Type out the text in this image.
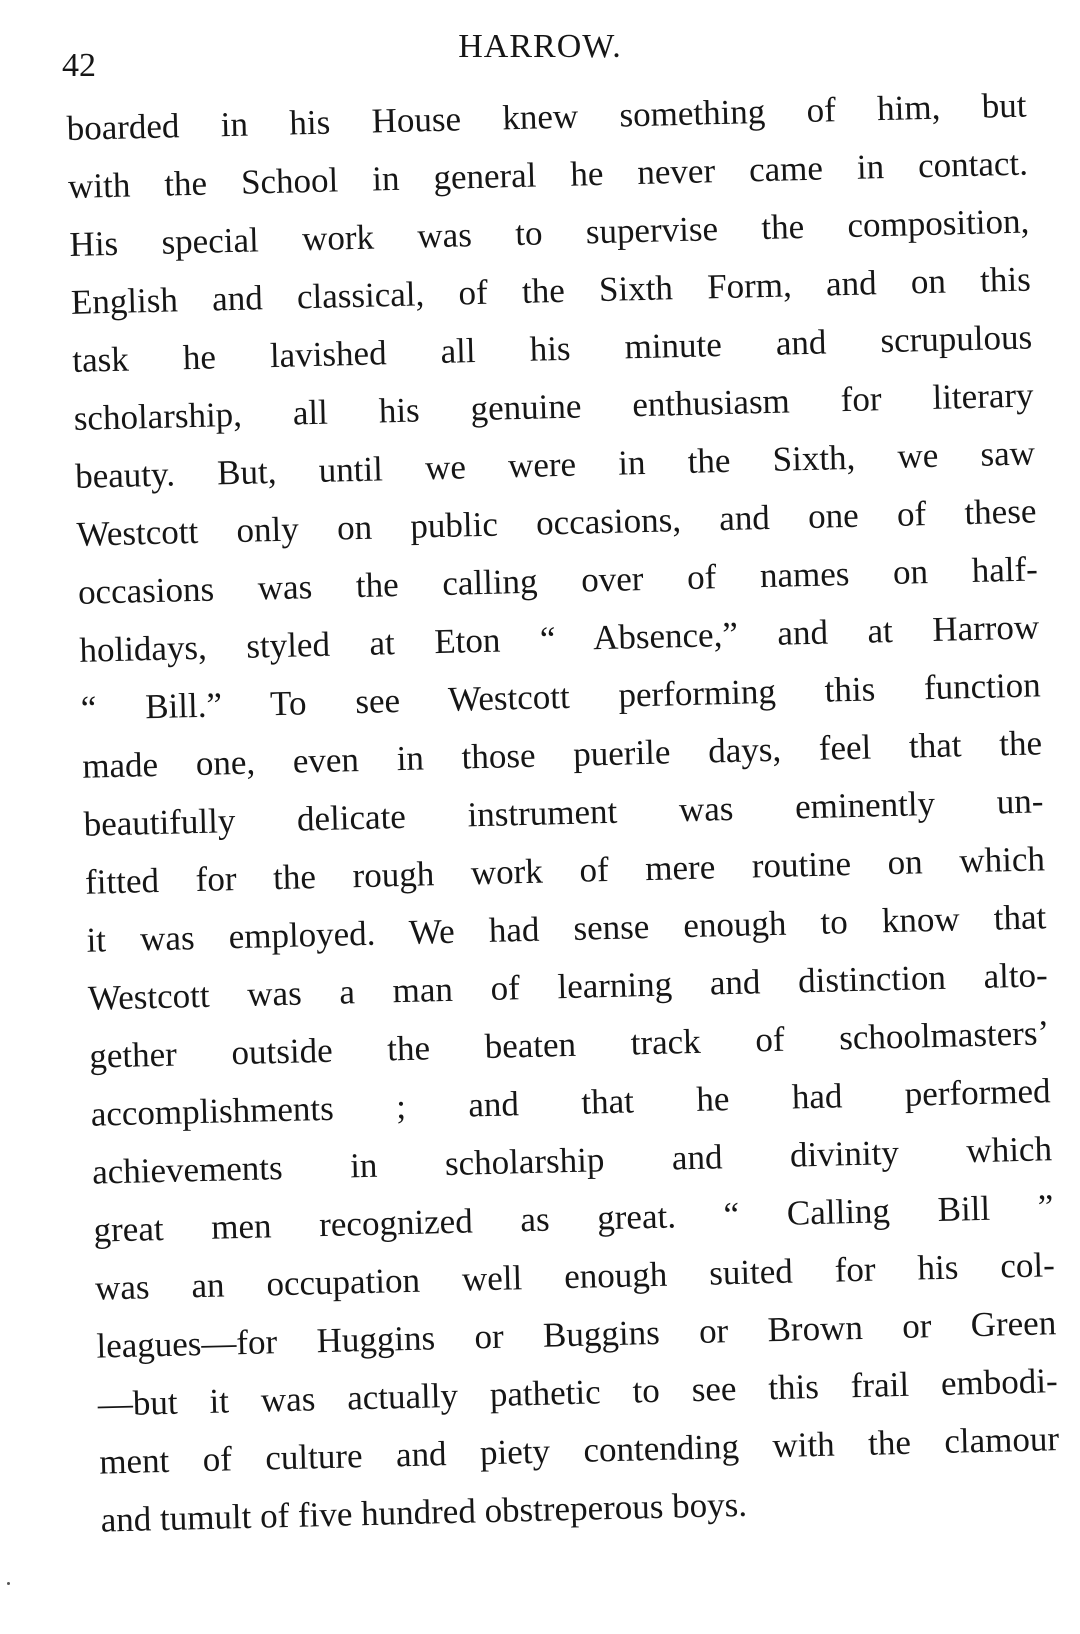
42
HARROW.
boarded in his House knew something of him, but
with the School in general he never came in contact.
His special work was to supervise the composition,
English and classical, of the Sixth Form, and on this
task he lavished all his minute and scrupulous
scholarship, all his genuine enthusiasm for literary
beauty. But, until we were in the Sixth, we saw
Westcott only on public occasions, and one of these
occasions was the calling over of names on half-
holidays, styled at Eton “ Absence,” and at Harrow
“ Bill.” To see Westcott performing this function
made one, even in those puerile days, feel that the
beautifully delicate instrument was eminently un-
fitted for the rough work of mere routine on which
it was employed. We had sense enough to know that
Westcott was a man of learning and distinction alto-
gether outside the beaten track of schoolmasters’
accomplishments ; and that he had performed
achievements in scholarship and divinity which
great men recognized as great. “ Calling Bill ”
was an occupation well enough suited for his col-
leagues—for Huggins or Buggins or Brown or Green
—but it was actually pathetic to see this frail embodi-
ment of culture and piety contending with the clamour
and tumult of five hundred obstreperous boys.
